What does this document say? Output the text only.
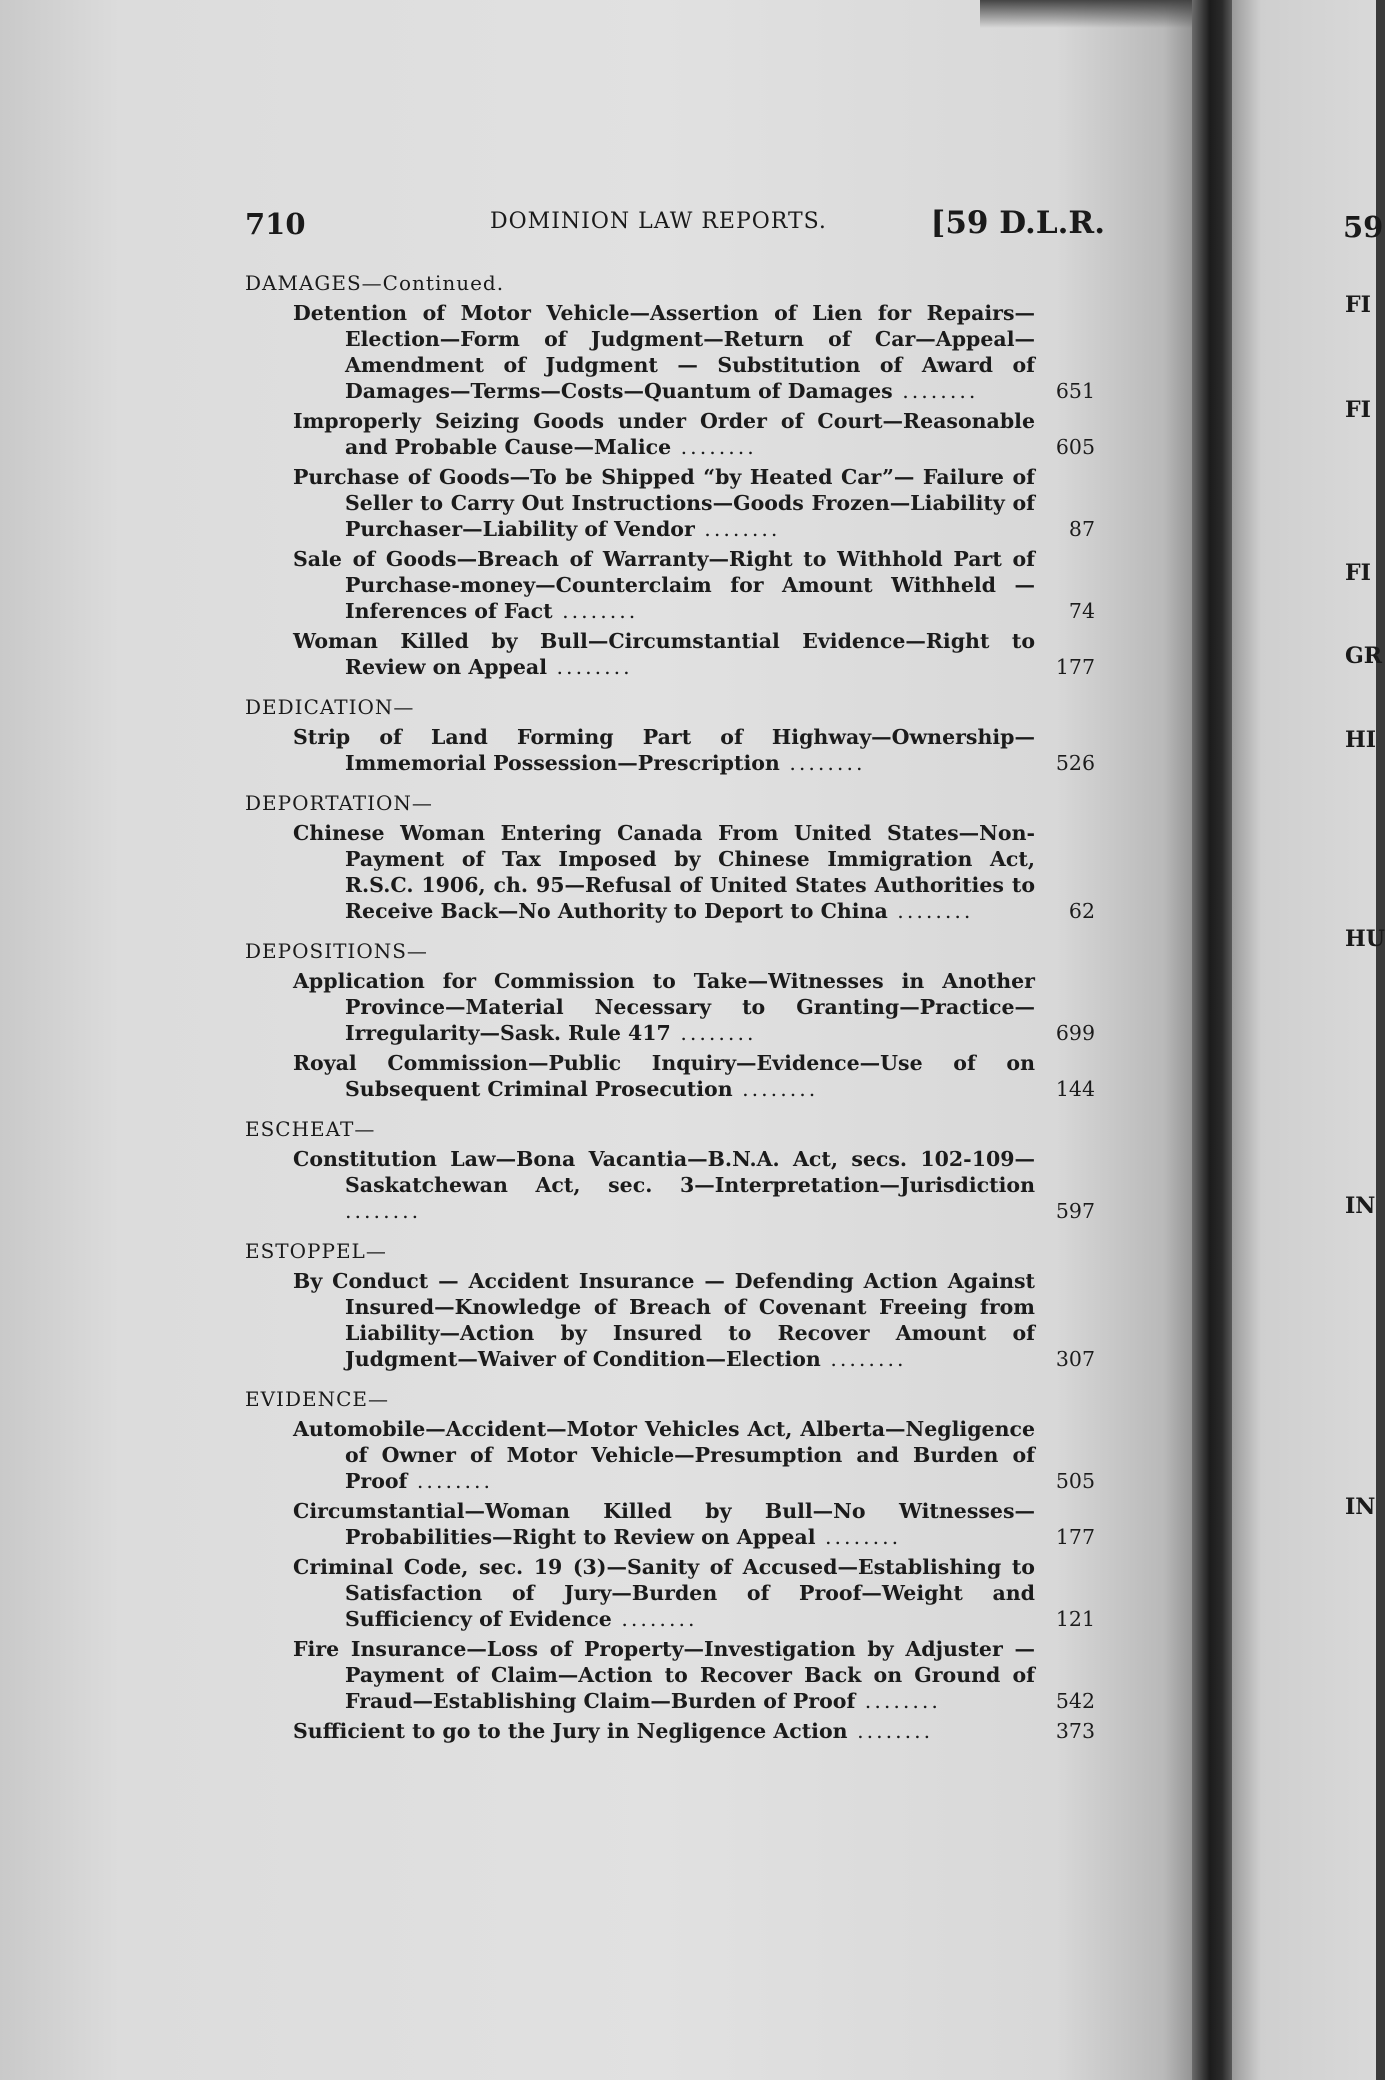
710	DOMINION LAW REPORTS.	[59 D.L.R.
DAMAGES—Continued.
Detention of Motor Vehicle—Assertion of Lien for Repairs—Election—Form of Judgment—Return of Car—Appeal—Amendment of Judgment — Substitution of Award of Damages—Terms—Costs—Quantum of Damages ........	651
Improperly Seizing Goods under Order of Court—Reasonable and Probable Cause—Malice ........	605
Purchase of Goods—To be Shipped “by Heated Car”— Failure of Seller to Carry Out Instructions—Goods Frozen—Liability of Purchaser—Liability of Vendor ........	87
Sale of Goods—Breach of Warranty—Right to Withhold Part of Purchase-money—Counterclaim for Amount Withheld —Inferences of Fact ........	74
Woman Killed by Bull—Circumstantial Evidence—Right to Review on Appeal ........	177
DEDICATION—
Strip of Land Forming Part of Highway—Ownership—Immemorial Possession—Prescription ........	526
DEPORTATION—
Chinese Woman Entering Canada From United States—Non-Payment of Tax Imposed by Chinese Immigration Act, R.S.C. 1906, ch. 95—Refusal of United States Authorities to Receive Back—No Authority to Deport to China ........	62
DEPOSITIONS—
Application for Commission to Take—Witnesses in Another Province—Material Necessary to Granting—Practice—Irregularity—Sask. Rule 417 ........	699
Royal Commission—Public Inquiry—Evidence—Use of on Subsequent Criminal Prosecution ........	144
ESCHEAT—
Constitution Law—Bona Vacantia—B.N.A. Act, secs. 102-109—Saskatchewan Act, sec. 3—Interpretation—Jurisdiction ........	597
ESTOPPEL—
By Conduct — Accident Insurance — Defending Action Against Insured—Knowledge of Breach of Covenant Freeing from Liability—Action by Insured to Recover Amount of Judgment—Waiver of Condition—Election ........	307
EVIDENCE—
Automobile—Accident—Motor Vehicles Act, Alberta—Negligence of Owner of Motor Vehicle—Presumption and Burden of Proof ........	505
Circumstantial—Woman Killed by Bull—No Witnesses—Probabilities—Right to Review on Appeal ........	177
Criminal Code, sec. 19 (3)—Sanity of Accused—Establishing to Satisfaction of Jury—Burden of Proof—Weight and Sufficiency of Evidence ........	121
Fire Insurance—Loss of Property—Investigation by Adjuster —Payment of Claim—Action to Recover Back on Ground of Fraud—Establishing Claim—Burden of Proof ........	542
Sufficient to go to the Jury in Negligence Action ........	373
59
FI
FI
FI
GR
HI
HU
IN
IN
